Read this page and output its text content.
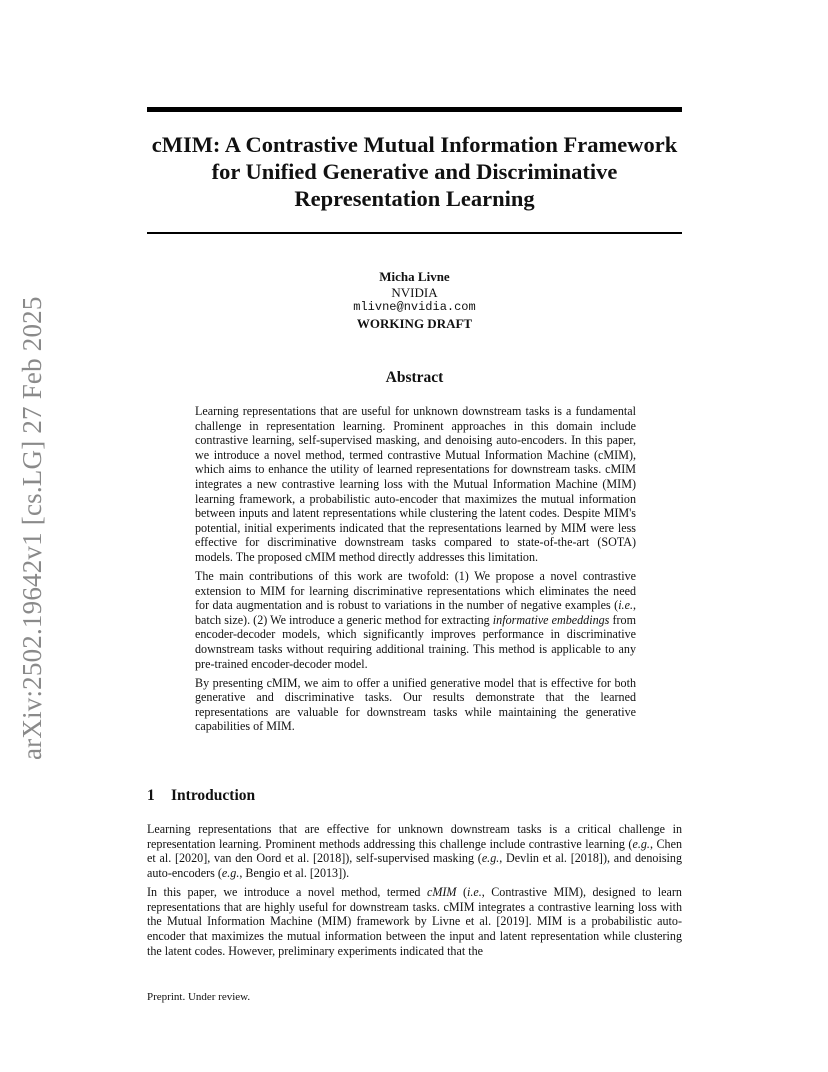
arXiv:2502.19642v1 [cs.LG] 27 Feb 2025
cMIM: A Contrastive Mutual Information Framework
for Unified Generative and Discriminative
Representation Learning
Micha Livne
NVIDIA
mlivne@nvidia.com
WORKING DRAFT
Abstract

Learning representations that are useful for unknown downstream tasks is a fundamental challenge in representation learning. Prominent approaches in this domain include contrastive learning, self-supervised masking, and denoising auto-encoders. In this paper, we introduce a novel method, termed contrastive Mutual Information Machine (cMIM), which aims to enhance the utility of learned representations for downstream tasks. cMIM integrates a new contrastive learning loss with the Mutual Information Machine (MIM) learning framework, a probabilistic auto-encoder that maximizes the mutual information between inputs and latent representations while clustering the latent codes. Despite MIM's potential, initial experiments indicated that the representations learned by MIM were less effective for discriminative downstream tasks compared to state-of-the-art (SOTA) models. The proposed cMIM method directly addresses this limitation.

The main contributions of this work are twofold: (1) We propose a novel contrastive extension to MIM for learning discriminative representations which eliminates the need for data augmentation and is robust to variations in the number of negative examples (i.e., batch size). (2) We introduce a generic method for extracting informative embeddings from encoder-decoder models, which significantly improves performance in discriminative downstream tasks without requiring additional training. This method is applicable to any pre-trained encoder-decoder model.

By presenting cMIM, we aim to offer a unified generative model that is effective for both generative and discriminative tasks. Our results demonstrate that the learned representations are valuable for downstream tasks while maintaining the generative capabilities of MIM.

1 Introduction

Learning representations that are effective for unknown downstream tasks is a critical challenge in representation learning. Prominent methods addressing this challenge include contrastive learning (e.g., Chen et al. [2020], van den Oord et al. [2018]), self-supervised masking (e.g., Devlin et al. [2018]), and denoising auto-encoders (e.g., Bengio et al. [2013]).

In this paper, we introduce a novel method, termed cMIM (i.e., Contrastive MIM), designed to learn representations that are highly useful for downstream tasks. cMIM integrates a contrastive learning loss with the Mutual Information Machine (MIM) framework by Livne et al. [2019]. MIM is a probabilistic auto-encoder that maximizes the mutual information between the input and latent representation while clustering the latent codes. However, preliminary experiments indicated that the

Preprint. Under review.
